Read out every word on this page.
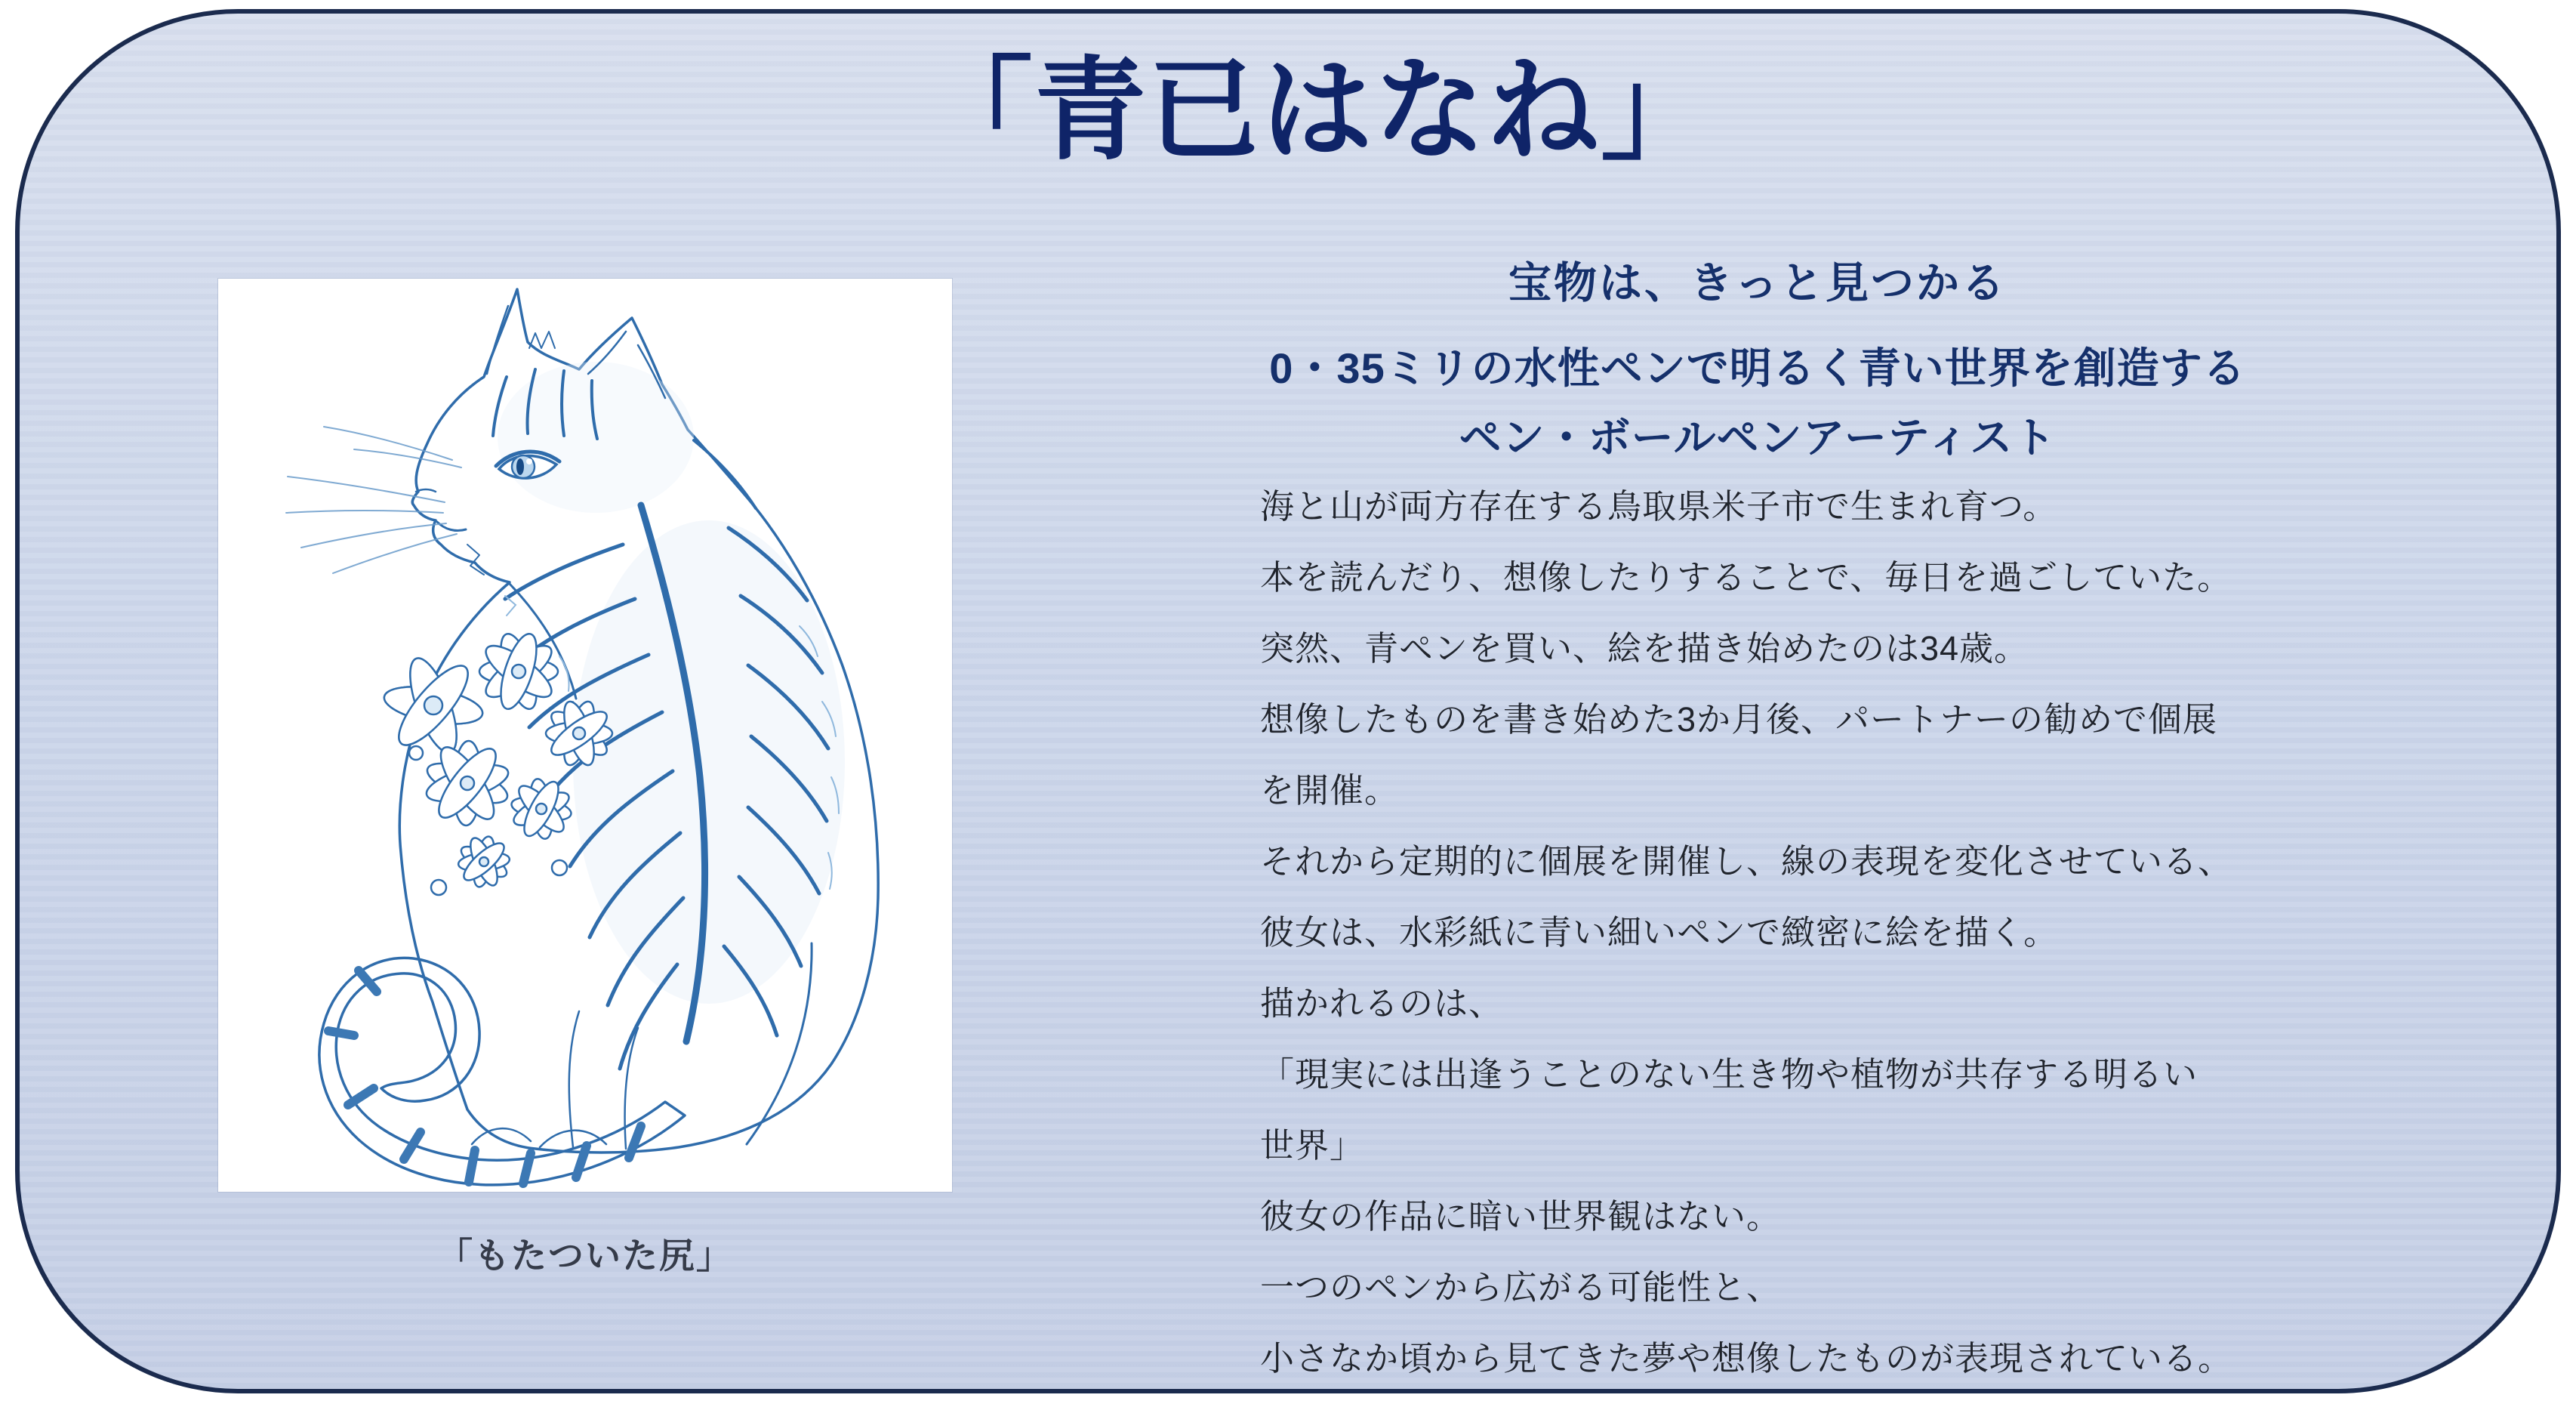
「青已はなね」
「もたついた尻」

宝物は、きっと見つかる

0・35ミリの水性ペンで明るく青い世界を創造する
ペン・ボールペンアーティスト

海と山が両方存在する鳥取県米子市で生まれ育つ。

本を読んだり、想像したりすることで、毎日を過ごしていた。

突然、青ペンを買い、絵を描き始めたのは34歳。

想像したものを書き始めた3か月後、パートナーの勧めで個展

を開催。

それから定期的に個展を開催し、線の表現を変化させている、

彼女は、水彩紙に青い細いペンで緻密に絵を描く。

描かれるのは、

「現実には出逢うことのない生き物や植物が共存する明るい

世界」

彼女の作品に暗い世界観はない。

一つのペンから広がる可能性と、

小さなか頃から見てきた夢や想像したものが表現されている。
